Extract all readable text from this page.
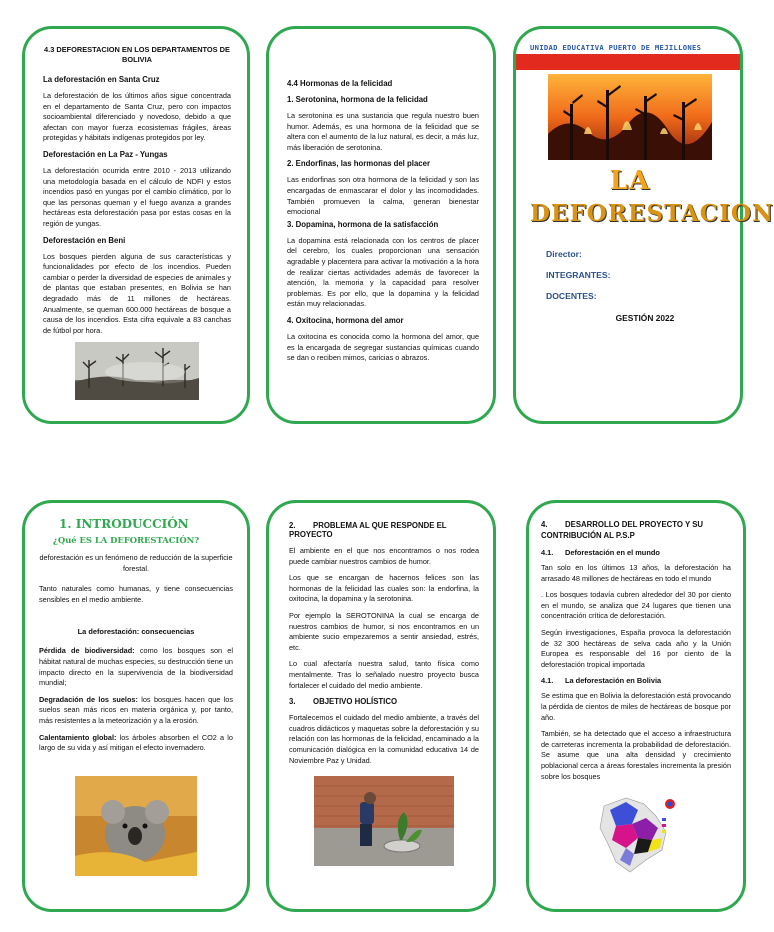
4.3 DEFORESTACION EN LOS DEPARTAMENTOS DE BOLIVIA
La deforestación en Santa Cruz
La deforestación de los últimos años sigue concentrada en el departamento de Santa Cruz, pero con impactos socioambiental diferenciado y novedoso, debido a que afectan con mayor fuerza ecosistemas frágiles, áreas protegidas y hábitats indígenas protegidos por ley.
Deforestación en La Paz - Yungas
La deforestación ocurrida entre 2010 - 2013 utilizando una metodología basada en el cálculo de NDFI y estos incendios pasó en yungas por el cambio climático, por lo que las personas queman y el fuego avanza a grandes hectáreas esta deforestación pasa por estas cosas en la región de yungas.
Deforestación en Beni
Los bosques pierden alguna de sus características y funcionalidades por efecto de los incendios. Pueden cambiar o perder la diversidad de especies de animales y de plantas que estaban presentes, en Bolivia se han degradado más de 11 millones de hectáreas. Anualmente, se queman 600.000 hectáreas de bosque a causa de los incendios. Esta cifra equivale a 83 canchas de fútbol por hora.
4.4 Hormonas de la felicidad
1. Serotonina, hormona de la felicidad
La serotonina es una sustancia que regula nuestro buen humor. Además, es una hormona de la felicidad que se altera con el aumento de la luz natural, es decir, a más luz, más liberación de serotonina.
2. Endorfinas, las hormonas del placer
Las endorfinas son otra hormona de la felicidad y son las encargadas de enmascarar el dolor y las incomodidades. También promueven la calma, generan bienestar emocional
3. Dopamina, hormona de la satisfacción
La dopamina está relacionada con los centros de placer del cerebro, los cuales proporcionan una sensación agradable y placentera para activar la motivación a la hora de realizar ciertas actividades además de favorecer la atención, la memoria y la capacidad para resolver problemas. Es por ello, que la dopamina y la felicidad están muy relacionadas.
4. Oxitocina, hormona del amor
La oxitocina es conocida como la hormona del amor, que es la encargada de segregar sustancias químicas cuando se dan o reciben mimos, caricias o abrazos.
UNIDAD EDUCATIVA PUERTO DE MEJILLONES
LA
DEFORESTACION
Director:
INTEGRANTES:
DOCENTES:
GESTIÓN 2022
1. INTRODUCCIÓN
¿Qué ES LA DEFORESTACIÓN?
deforestación es un fenómeno de reducción de la superficie forestal.
Tanto naturales como humanas, y tiene consecuencias sensibles en el medio ambiente.
La deforestación: consecuencias
Pérdida de biodiversidad: como los bosques son el hábitat natural de muchas especies, su destrucción tiene un impacto directo en la supervivencia de la biodiversidad mundial;
Degradación de los suelos: los bosques hacen que los suelos sean más ricos en materia orgánica y, por tanto, más resistentes a la meteorización y a la erosión.
Calentamiento global: los árboles absorben el CO2 a lo largo de su vida y así mitigan el efecto invernadero.
2. PROBLEMA AL QUE RESPONDE EL PROYECTO
El ambiente en el que nos encontramos o nos rodea puede cambiar nuestros cambios de humor.
Los que se encargan de hacernos felices son las hormonas de la felicidad las cuales son: la endorfina, la oxitocina, la dopamina y la serotonina.
Por ejemplo la SEROTONINA la cual se encarga de nuestros cambios de humor, si nos encontramos en un ambiente sucio empezaremos a sentir ansiedad, estrés, etc.
Lo cual afectaría nuestra salud, tanto física como mentalmente. Tras lo señalado nuestro proyecto busca fortalecer el cuidado del medio ambiente.
3. OBJETIVO HOLÍSTICO
Fortalecemos el cuidado del medio ambiente, a través del cuadros didácticos y maquetas sobre la deforestación y su relación con las hormonas de la felicidad, encaminado a la comunicación dialógica en la comunidad educativa 14 de Noviembre Paz y Unidad.
4. DESARROLLO DEL PROYECTO Y SU CONTRIBUCIÓN AL P.S.P
4.1. Deforestación en el mundo
Tan solo en los últimos 13 años, la deforestación ha arrasado 48 millones de hectáreas en todo el mundo
. Los bosques todavía cubren alrededor del 30 por ciento en el mundo, se analiza que 24 lugares que tienen una concentración crítica de deforestación.
Según investigaciones, España provoca la deforestación de 32 300 hectáreas de selva cada año y la Unión Europea es responsable del 16 por ciento de la deforestación tropical importada
4.1. La deforestación en Bolivia
Se estima que en Bolivia la deforestación está provocando la pérdida de cientos de miles de hectáreas de bosque por año.
También, se ha detectado que el acceso a infraestructura de carreteras incrementa la probabilidad de deforestación. Se asume que una alta densidad y crecimiento poblacional cerca a áreas forestales incrementa la presión sobre los bosques
